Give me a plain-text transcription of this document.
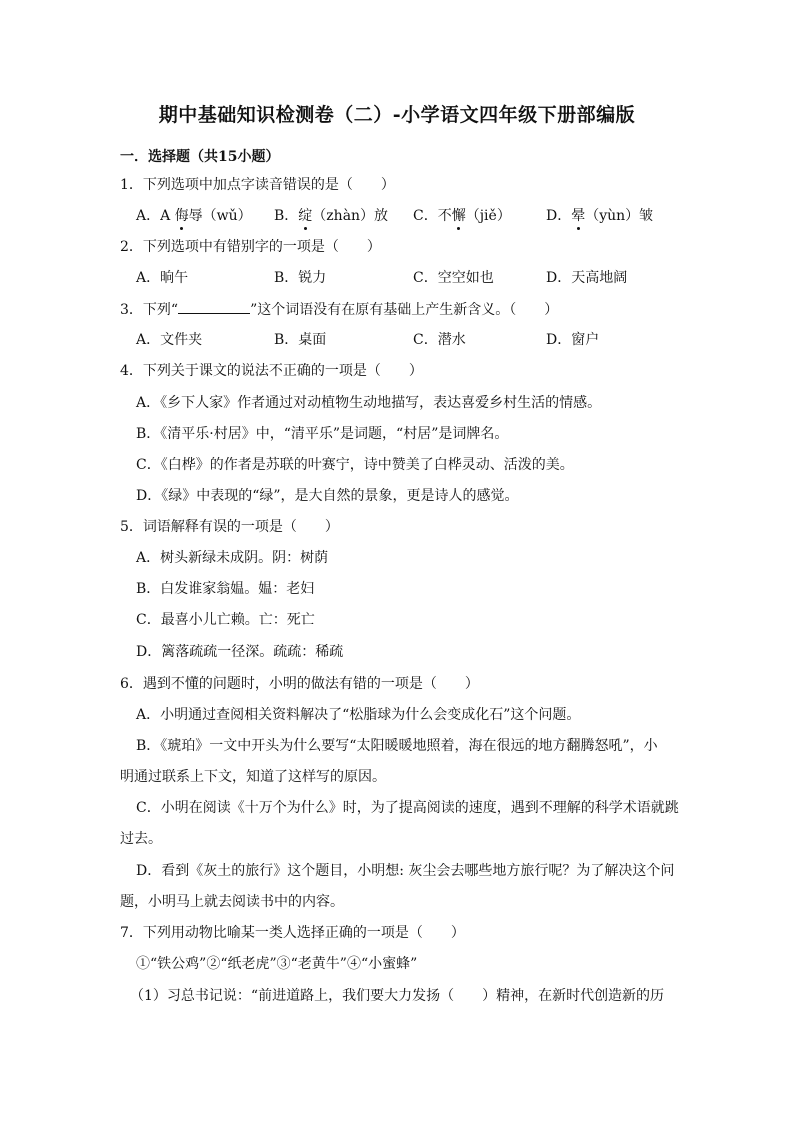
期中基础知识检测卷（二）-小学语文四年级下册部编版
一．选择题（共15小题）
1．下列选项中加点字读音错误的是（　　）
A．A 侮辱（wǔ） B．绽（zhàn）放 C．不懈（jiě）	D．晕（yùn）皱
2．下列选项中有错别字的一项是（　　）
A．晌午	B．锐力	C．空空如也	D．天高地阔
3．下列“	”这个词语没有在原有基础上产生新含义。（　　）
A．文件夹	B．桌面	C．潜水	D．窗户
4．下列关于课文的说法不正确的一项是（　　）
A．《乡下人家》作者通过对动植物生动地描写，表达喜爱乡村生活的情感。
B．《清平乐·村居》中，“清平乐”是词题，“村居”是词牌名。
C．《白桦》的作者是苏联的叶赛宁，诗中赞美了白桦灵动、活泼的美。
D．《绿》中表现的“绿”，是大自然的景象，更是诗人的感觉。
5．词语解释有误的一项是（　　）
A．树头新绿未成阴。阴：树荫
B．白发谁家翁媪。媪：老妇
C．最喜小儿亡赖。亡：死亡
D．篱落疏疏一径深。疏疏：稀疏
6．遇到不懂的问题时，小明的做法有错的一项是（　　）
A．小明通过查阅相关资料解决了“松脂球为什么会变成化石”这个问题。
B．《琥珀》一文中开头为什么要写“太阳暖暖地照着，海在很远的地方翻腾怒吼”，小
明通过联系上下文，知道了这样写的原因。
C．小明在阅读《十万个为什么》时，为了提高阅读的速度，遇到不理解的科学术语就跳
过去。
D．看到《灰土的旅行》这个题目，小明想: 灰尘会去哪些地方旅行呢？为了解决这个问
题，小明马上就去阅读书中的内容。
7．下列用动物比喻某一类人选择正确的一项是（　　）
①“铁公鸡”②“纸老虎”③“老黄牛”④“小蜜蜂”
（1）习总书记说：“前进道路上，我们要大力发扬（　　）精神，在新时代创造新的历
